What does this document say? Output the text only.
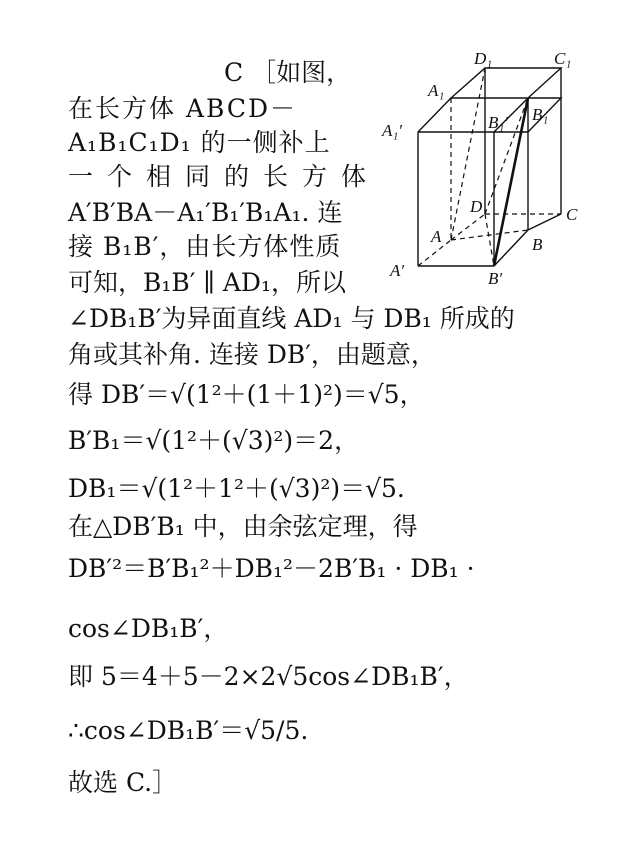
D₁	C₁
A₁
B₁′ B₁
A₁′
D	C
A	B
A′	B′
C ［如图，
在长方体 ABCD－
A₁B₁C₁D₁ 的一侧补上
一个相同的长方体
A′B′BA－A₁′B₁′B₁A₁. 连
接 B₁B′，由长方体性质
可知，B₁B′ ∥ AD₁，所以
∠DB₁B′为异面直线 AD₁ 与 DB₁ 所成的
角或其补角. 连接 DB′，由题意，
得 DB′＝√(1²＋(1＋1)²)＝√5，
B′B₁＝√(1²＋(√3)²)＝2，
DB₁＝√(1²＋1²＋(√3)²)＝√5.
在△DB′B₁ 中，由余弦定理，得
DB′²＝B′B₁²＋DB₁²－2B′B₁ · DB₁ ·
cos∠DB₁B′，
即 5＝4＋5－2×2√5cos∠DB₁B′，
∴cos∠DB₁B′＝√5/5.
故选 C.］
